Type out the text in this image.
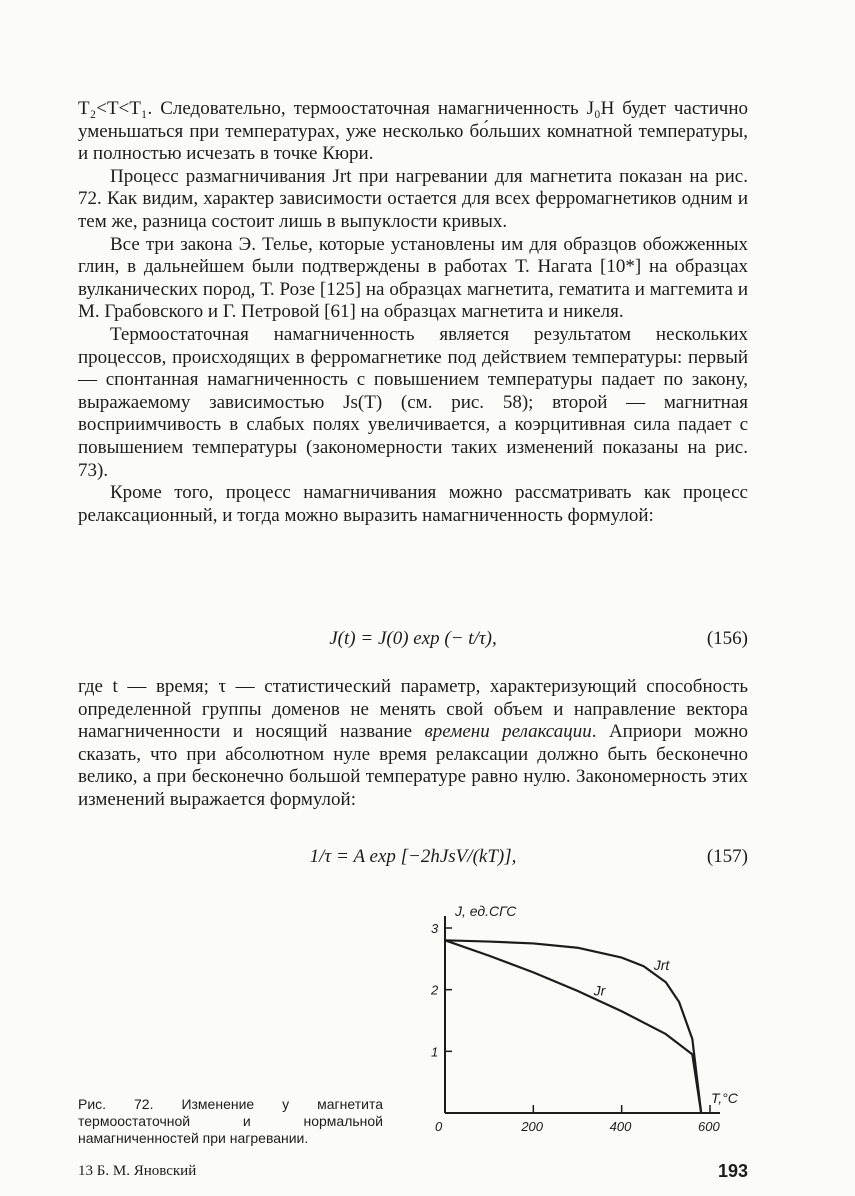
T₂<T<T₁. Следовательно, термоостаточная намагниченность J₀H будет частично уменьшаться при температурах, уже несколько бо́льших комнатной температуры, и полностью исчезать в точке Кюри.

Процесс размагничивания Jrt при нагревании для магнетита показан на рис. 72. Как видим, характер зависимости остается для всех ферромагнетиков одним и тем же, разница состоит лишь в выпуклости кривых.

Все три закона Э. Телье, которые установлены им для образцов обожженных глин, в дальнейшем были подтверждены в работах Т. Нагата [10*] на образцах вулканических пород, Т. Розе [125] на образцах магнетита, гематита и маггемита и М. Грабовского и Г. Петровой [61] на образцах магнетита и никеля.

Термоостаточная намагниченность является результатом нескольких процессов, происходящих в ферромагнетике под действием температуры: первый — спонтанная намагниченность с повышением температуры падает по закону, выражаемому зависимостью Js(T) (см. рис. 58); второй — магнитная восприимчивость в слабых полях увеличивается, а коэрцитивная сила падает с повышением температуры (закономерности таких изменений показаны на рис. 73).

Кроме того, процесс намагничивания можно рассматривать как процесс релаксационный, и тогда можно выразить намагниченность формулой:

J(t) = J(0) exp (− t/τ),	(156)

где t — время; τ — статистический параметр, характеризующий способность определенной группы доменов не менять свой объем и направление вектора намагниченности и носящий название времени релаксации. Априори можно сказать, что при абсолютном нуле время релаксации должно быть бесконечно велико, а при бесконечно большой температуре равно нулю. Закономерность этих изменений выражается формулой:

1/τ = A exp [−2hJsV/(kT)],	(157)
0	200	400	600
1
2
3
Jrt
Jr
J, ед.СГС
T,°C
Рис. 72. Изменение у магнетита термоостаточной и нормальной намагниченностей при нагревании.
13 Б. М. Яновский	193
